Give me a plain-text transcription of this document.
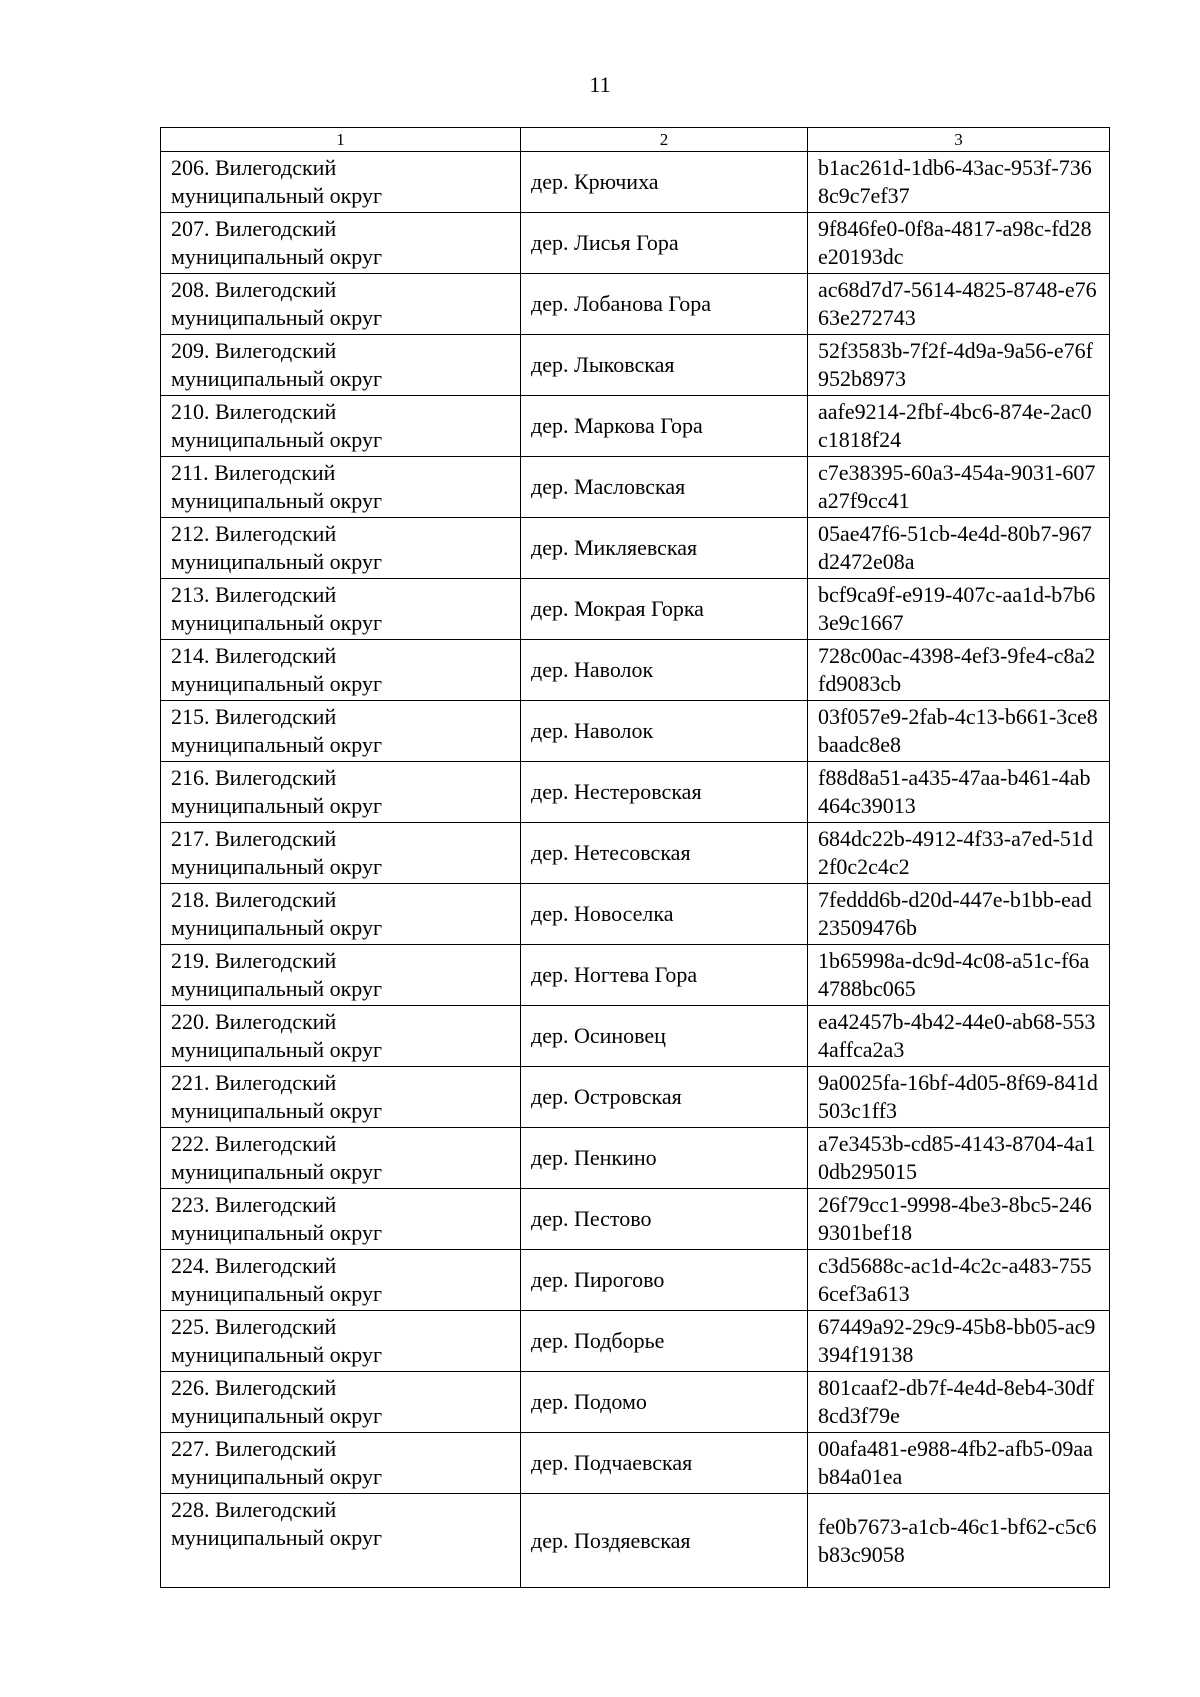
11
1	2	3

206. Вилегодский
муниципальный округ	дер. Крючиха	b1ac261d-1db6-43ac-953f-7368c9c7ef37

207. Вилегодский
муниципальный округ	дер. Лисья Гора	9f846fe0-0f8a-4817-a98c-fd28e20193dc

208. Вилегодский
муниципальный округ	дер. Лобанова Гора	ac68d7d7-5614-4825-8748-e7663e272743

209. Вилегодский
муниципальный округ	дер. Лыковская	52f3583b-7f2f-4d9a-9a56-e76f952b8973

210. Вилегодский
муниципальный округ	дер. Маркова Гора	aafe9214-2fbf-4bc6-874e-2ac0c1818f24

211. Вилегодский
муниципальный округ	дер. Масловская	c7e38395-60a3-454a-9031-607a27f9cc41

212. Вилегодский
муниципальный округ	дер. Микляевская	05ae47f6-51cb-4e4d-80b7-967d2472e08a

213. Вилегодский
муниципальный округ	дер. Мокрая Горка	bcf9ca9f-e919-407c-aa1d-b7b63e9c1667

214. Вилегодский
муниципальный округ	дер. Наволок	728c00ac-4398-4ef3-9fe4-c8a2fd9083cb

215. Вилегодский
муниципальный округ	дер. Наволок	03f057e9-2fab-4c13-b661-3ce8baadc8e8

216. Вилегодский
муниципальный округ	дер. Нестеровская	f88d8a51-a435-47aa-b461-4ab464c39013

217. Вилегодский
муниципальный округ	дер. Нетесовская	684dc22b-4912-4f33-a7ed-51d2f0c2c4c2

218. Вилегодский
муниципальный округ	дер. Новоселка	7feddd6b-d20d-447e-b1bb-ead23509476b

219. Вилегодский
муниципальный округ	дер. Ногтева Гора	1b65998a-dc9d-4c08-a51c-f6a4788bc065

220. Вилегодский
муниципальный округ	дер. Осиновец	ea42457b-4b42-44e0-ab68-5534affca2a3

221. Вилегодский
муниципальный округ	дер. Островская	9a0025fa-16bf-4d05-8f69-841d503c1ff3

222. Вилегодский
муниципальный округ	дер. Пенкино	a7e3453b-cd85-4143-8704-4a10db295015

223. Вилегодский
муниципальный округ	дер. Пестово	26f79cc1-9998-4be3-8bc5-2469301bef18

224. Вилегодский
муниципальный округ	дер. Пирогово	c3d5688c-ac1d-4c2c-a483-7556cef3a613

225. Вилегодский
муниципальный округ	дер. Подборье	67449a92-29c9-45b8-bb05-ac9394f19138

226. Вилегодский
муниципальный округ	дер. Подомо	801caaf2-db7f-4e4d-8eb4-30df8cd3f79e

227. Вилегодский
муниципальный округ	дер. Подчаевская	00afa481-e988-4fb2-afb5-09aab84a01ea

228. Вилегодский
муниципальный округ	дер. Поздяевская	fe0b7673-a1cb-46c1-bf62-c5c6b83c9058
